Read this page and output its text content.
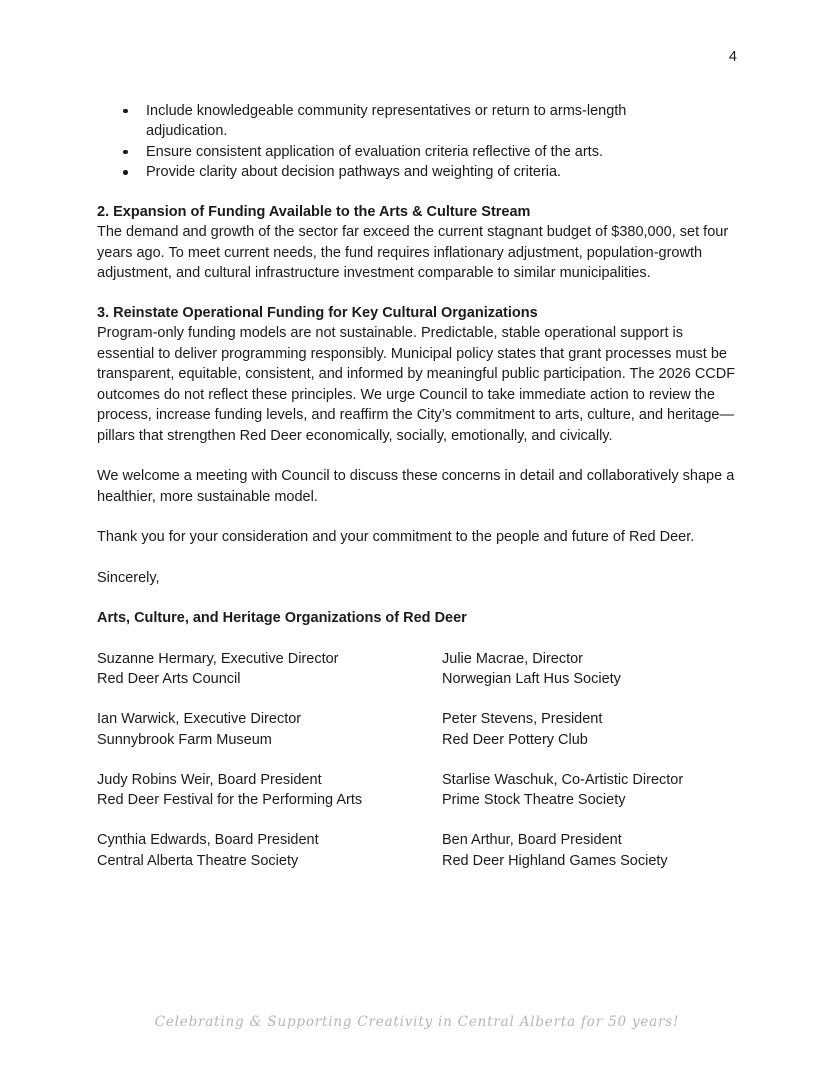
4
Include knowledgeable community representatives or return to arms-length adjudication.
Ensure consistent application of evaluation criteria reflective of the arts.
Provide clarity about decision pathways and weighting of criteria.
2. Expansion of Funding Available to the Arts & Culture Stream

The demand and growth of the sector far exceed the current stagnant budget of $380,000, set four years ago. To meet current needs, the fund requires inflationary adjustment, population-growth adjustment, and cultural infrastructure investment comparable to similar municipalities.

3. Reinstate Operational Funding for Key Cultural Organizations

Program-only funding models are not sustainable. Predictable, stable operational support is essential to deliver programming responsibly. Municipal policy states that grant processes must be transparent, equitable, consistent, and informed by meaningful public participation. The 2026 CCDF outcomes do not reflect these principles. We urge Council to take immediate action to review the process, increase funding levels, and reaffirm the City’s commitment to arts, culture, and heritage—pillars that strengthen Red Deer economically, socially, emotionally, and civically.

We welcome a meeting with Council to discuss these concerns in detail and collaboratively shape a healthier, more sustainable model.

Thank you for your consideration and your commitment to the people and future of Red Deer.

Sincerely,

Arts, Culture, and Heritage Organizations of Red Deer

Suzanne Hermary, Executive Director
Red Deer Arts Council
Julie Macrae, Director
Norwegian Laft Hus Society
Ian Warwick, Executive Director
Sunnybrook Farm Museum
Peter Stevens, President
Red Deer Pottery Club
Judy Robins Weir, Board President
Red Deer Festival for the Performing Arts
Starlise Waschuk, Co-Artistic Director
Prime Stock Theatre Society
Cynthia Edwards, Board President
Central Alberta Theatre Society
Ben Arthur, Board President
Red Deer Highland Games Society
Celebrating & Supporting Creativity in Central Alberta for 50 years!
